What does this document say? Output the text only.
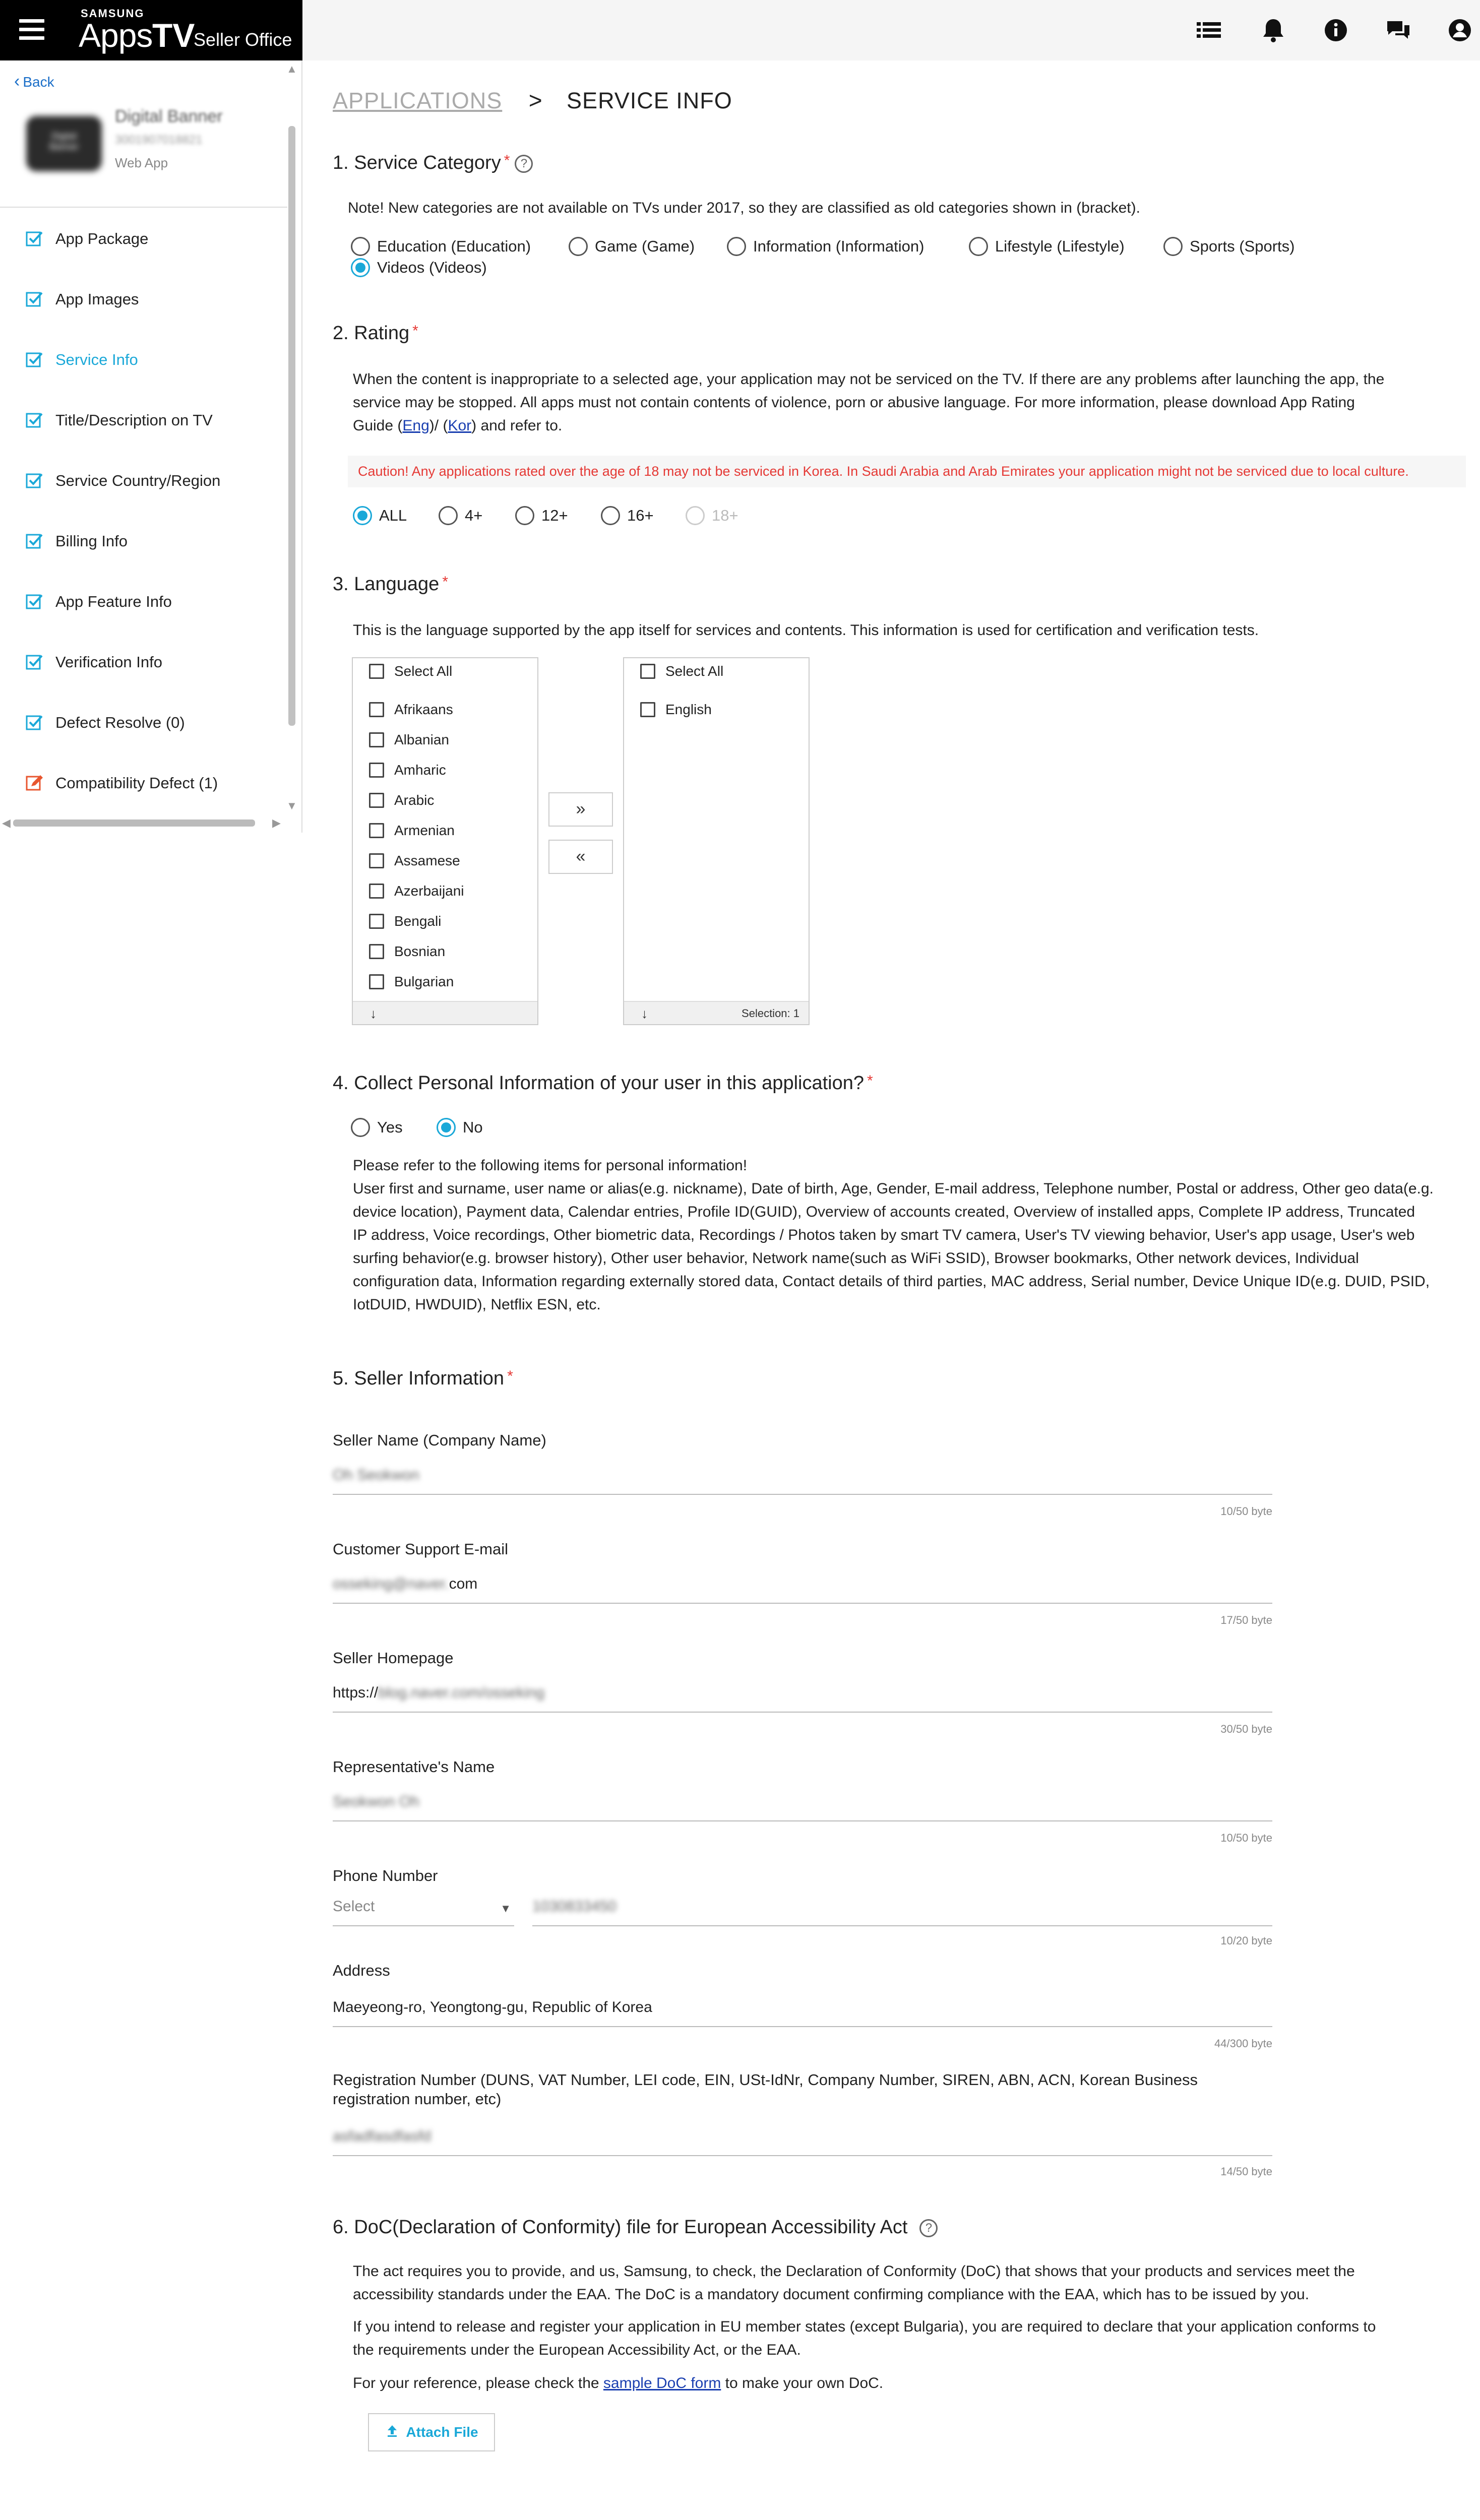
SAMSUNG
Apps TV
Seller Office
‹ Back
Digital
Banner
Digital Banner
3001907018821
Web App
App Package
App Images
Service Info
Title/Description on TV
Service Country/Region
Billing Info
App Feature Info
Verification Info
Defect Resolve (0)
Compatibility Defect (1)
▲
▼
◀	▶
APPLICATIONS > SERVICE INFO
1. Service Category * ?
Note! New categories are not available on TVs under 2017, so they are classified as old categories shown in (bracket).
Education (Education)	Game (Game)	Information (Information)	Lifestyle (Lifestyle)	Sports (Sports)
Videos (Videos)
2. Rating *
When the content is inappropriate to a selected age, your application may not be serviced on the TV. If there are any problems after launching the app, the
service may be stopped. All apps must not contain contents of violence, porn or abusive language. For more information, please download App Rating
Guide (Eng)/ (Kor) and refer to.
Caution! Any applications rated over the age of 18 may not be serviced in Korea. In Saudi Arabia and Arab Emirates your application might not be serviced due to local culture.
ALL	4+	12+	16+	18+
3. Language *
This is the language supported by the app itself for services and contents. This information is used for certification and verification tests.
Select All
Afrikaans
Albanian
Amharic
Arabic
Armenian
Assamese
Azerbaijani
Bengali
Bosnian
Bulgarian
↓
»
«
Select All
English
↓	Selection: 1
4. Collect Personal Information of your user in this application? *
Yes	No
Please refer to the following items for personal information!
User first and surname, user name or alias(e.g. nickname), Date of birth, Age, Gender, E-mail address, Telephone number, Postal or address, Other geo data(e.g.
device location), Payment data, Calendar entries, Profile ID(GUID), Overview of accounts created, Overview of installed apps, Complete IP address, Truncated
IP address, Voice recordings, Other biometric data, Recordings / Photos taken by smart TV camera, User's TV viewing behavior, User's app usage, User's web
surfing behavior(e.g. browser history), Other user behavior, Network name(such as WiFi SSID), Browser bookmarks, Other network devices, Individual
configuration data, Information regarding externally stored data, Contact details of third parties, MAC address, Serial number, Device Unique ID(e.g. DUID, PSID,
IotDUID, HWDUID), Netflix ESN, etc.
5. Seller Information *
Seller Name (Company Name)
Oh Seokwon
10/50 byte
Customer Support E-mail
osseking@naver.com
17/50 byte
Seller Homepage
https://blog.naver.com/osseking
30/50 byte
Representative's Name
Seokwon Oh
10/50 byte
Phone Number
Select	▼ 1030833450
10/20 byte
Address
Maeyeong-ro, Yeongtong-gu, Republic of Korea
44/300 byte
Registration Number (DUNS, VAT Number, LEI code, EIN, USt-IdNr, Company Number, SIREN, ABN, ACN, Korean Business
registration number, etc)
asfadfasdfasfd
14/50 byte
6. DoC(Declaration of Conformity) file for European Accessibility Act ?
The act requires you to provide, and us, Samsung, to check, the Declaration of Conformity (DoC) that shows that your products and services meet the
accessibility standards under the EAA. The DoC is a mandatory document confirming compliance with the EAA, which has to be issued by you.
If you intend to release and register your application in EU member states (except Bulgaria), you are required to declare that your application conforms to
the requirements under the European Accessibility Act, or the EAA.
For your reference, please check the sample DoC form to make your own DoC.
Attach File
